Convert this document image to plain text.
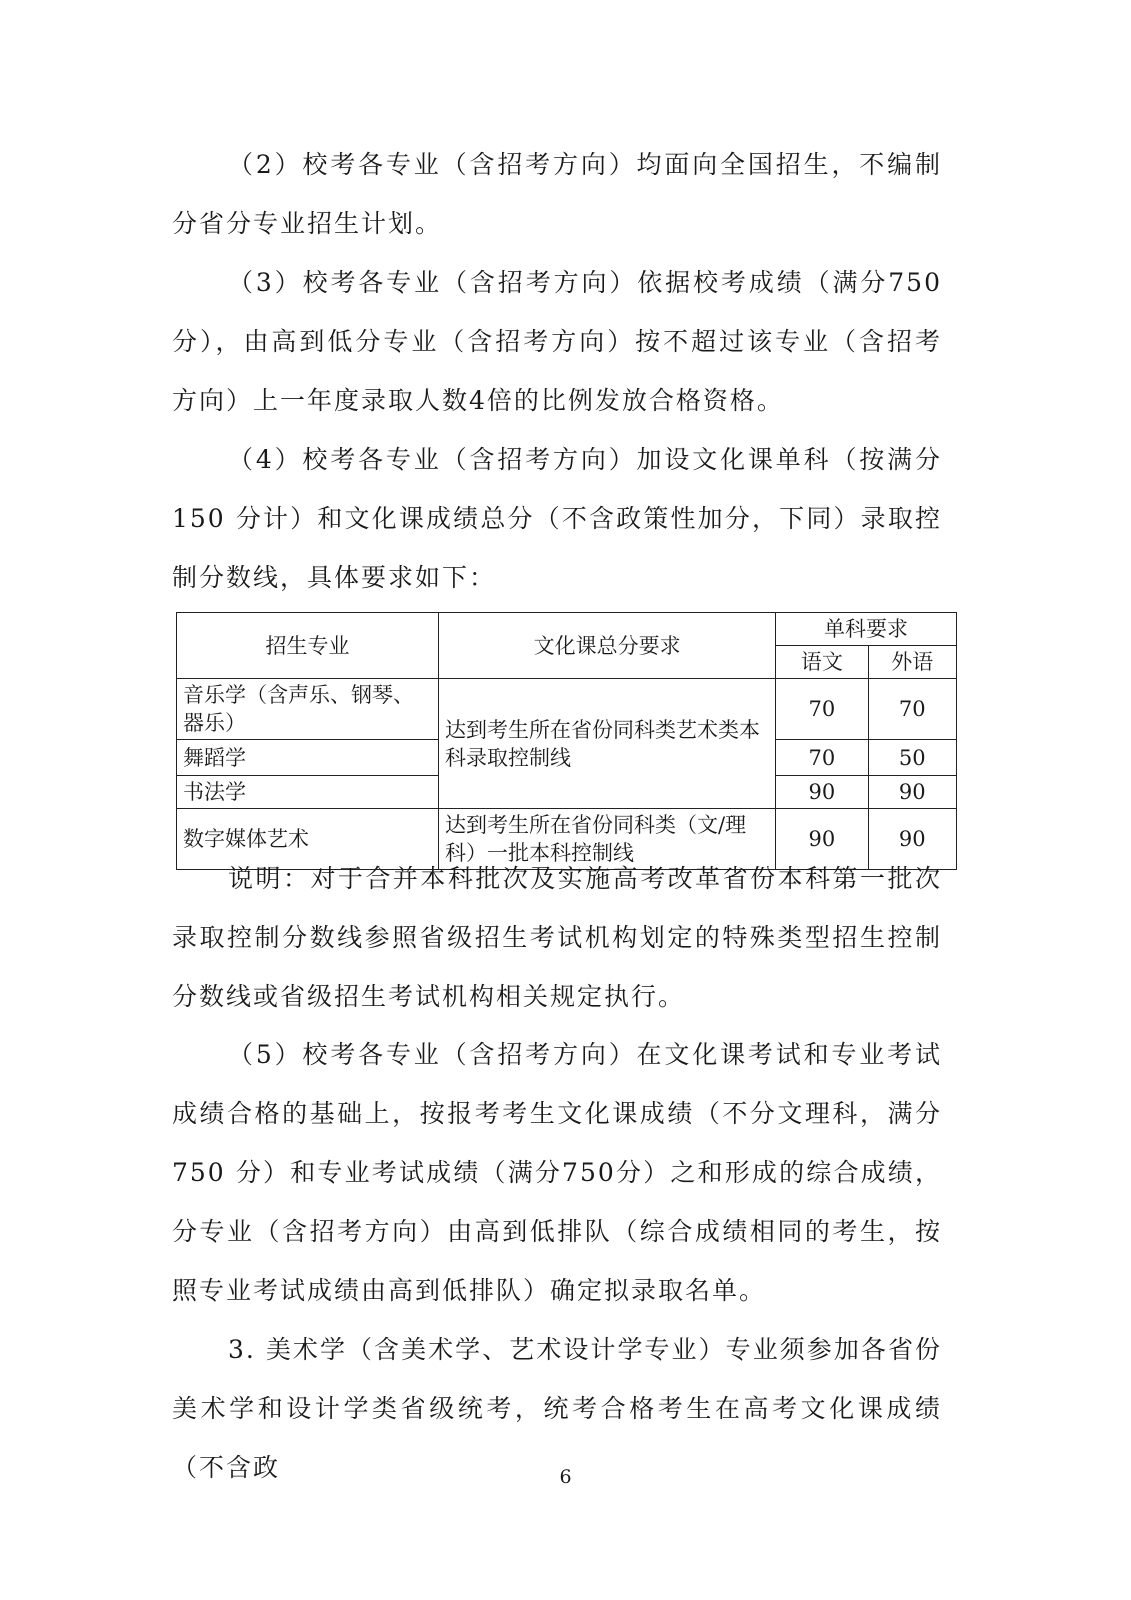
（2）校考各专业（含招考方向）均面向全国招生，不编制分省分专业招生计划。

（3）校考各专业（含招考方向）依据校考成绩（满分750 分），由高到低分专业（含招考方向）按不超过该专业（含招考方向）上一年度录取人数4倍的比例发放合格资格。

（4）校考各专业（含招考方向）加设文化课单科（按满分150 分计）和文化课成绩总分（不含政策性加分，下同）录取控制分数线，具体要求如下：

招生专业	文化课总分要求	单科要求	
		语文	外语
音乐学（含声乐、钢琴、器乐）	达到考生所在省份同科类艺术类本科录取控制线	70	70
舞蹈学		70	50
书法学		90	90
数字媒体艺术	达到考生所在省份同科类（文/理科）一批本科控制线	90	90

说明：对于合并本科批次及实施高考改革省份本科第一批次录取控制分数线参照省级招生考试机构划定的特殊类型招生控制分数线或省级招生考试机构相关规定执行。

（5）校考各专业（含招考方向）在文化课考试和专业考试成绩合格的基础上，按报考考生文化课成绩（不分文理科，满分750 分）和专业考试成绩（满分750分）之和形成的综合成绩，分专业（含招考方向）由高到低排队（综合成绩相同的考生，按照专业考试成绩由高到低排队）确定拟录取名单。

3. 美术学（含美术学、艺术设计学专业）专业须参加各省份美术学和设计学类省级统考，统考合格考生在高考文化课成绩（不含政	6
